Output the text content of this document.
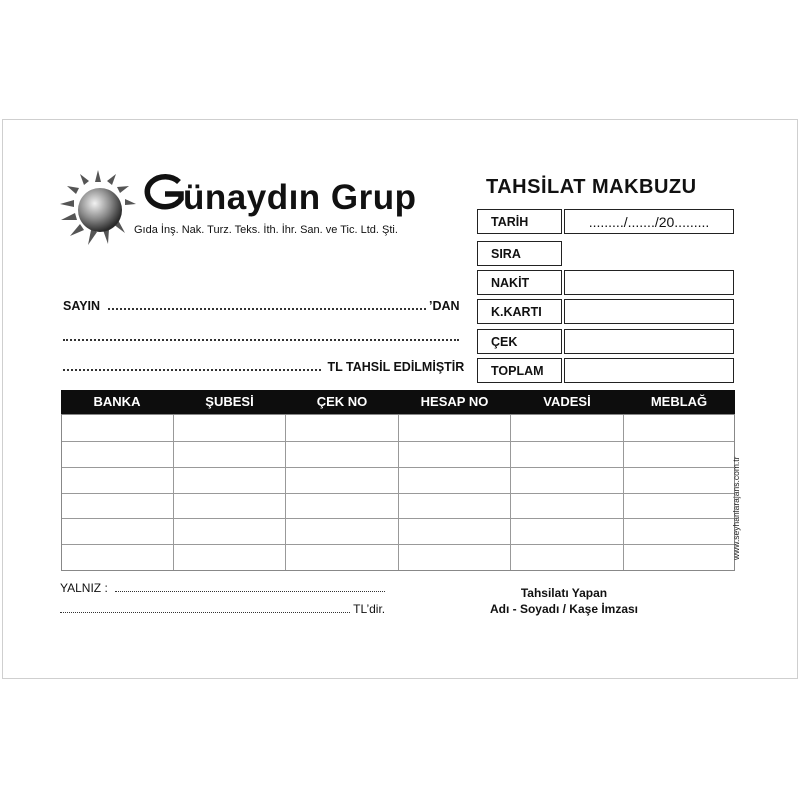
ünaydın Grup
Gıda İnş. Nak. Turz. Teks. İth. İhr. San. ve Tic. Ltd. Şti.
TAHSİLAT MAKBUZU
TARİH	........./......./20.........
SIRA
NAKİT
K.KARTI
ÇEK
TOPLAM
SAYIN	’DAN
TL TAHSİL EDİLMİŞTİR
BANKA	ŞUBESİ	ÇEK NO	HESAP NO	VADESİ	MEBLAĞ
www.seyhanlarajans.com.tr
YALNIZ :
TL’dir.
Tahsilatı Yapan
Adı - Soyadı / Kaşe İmzası
